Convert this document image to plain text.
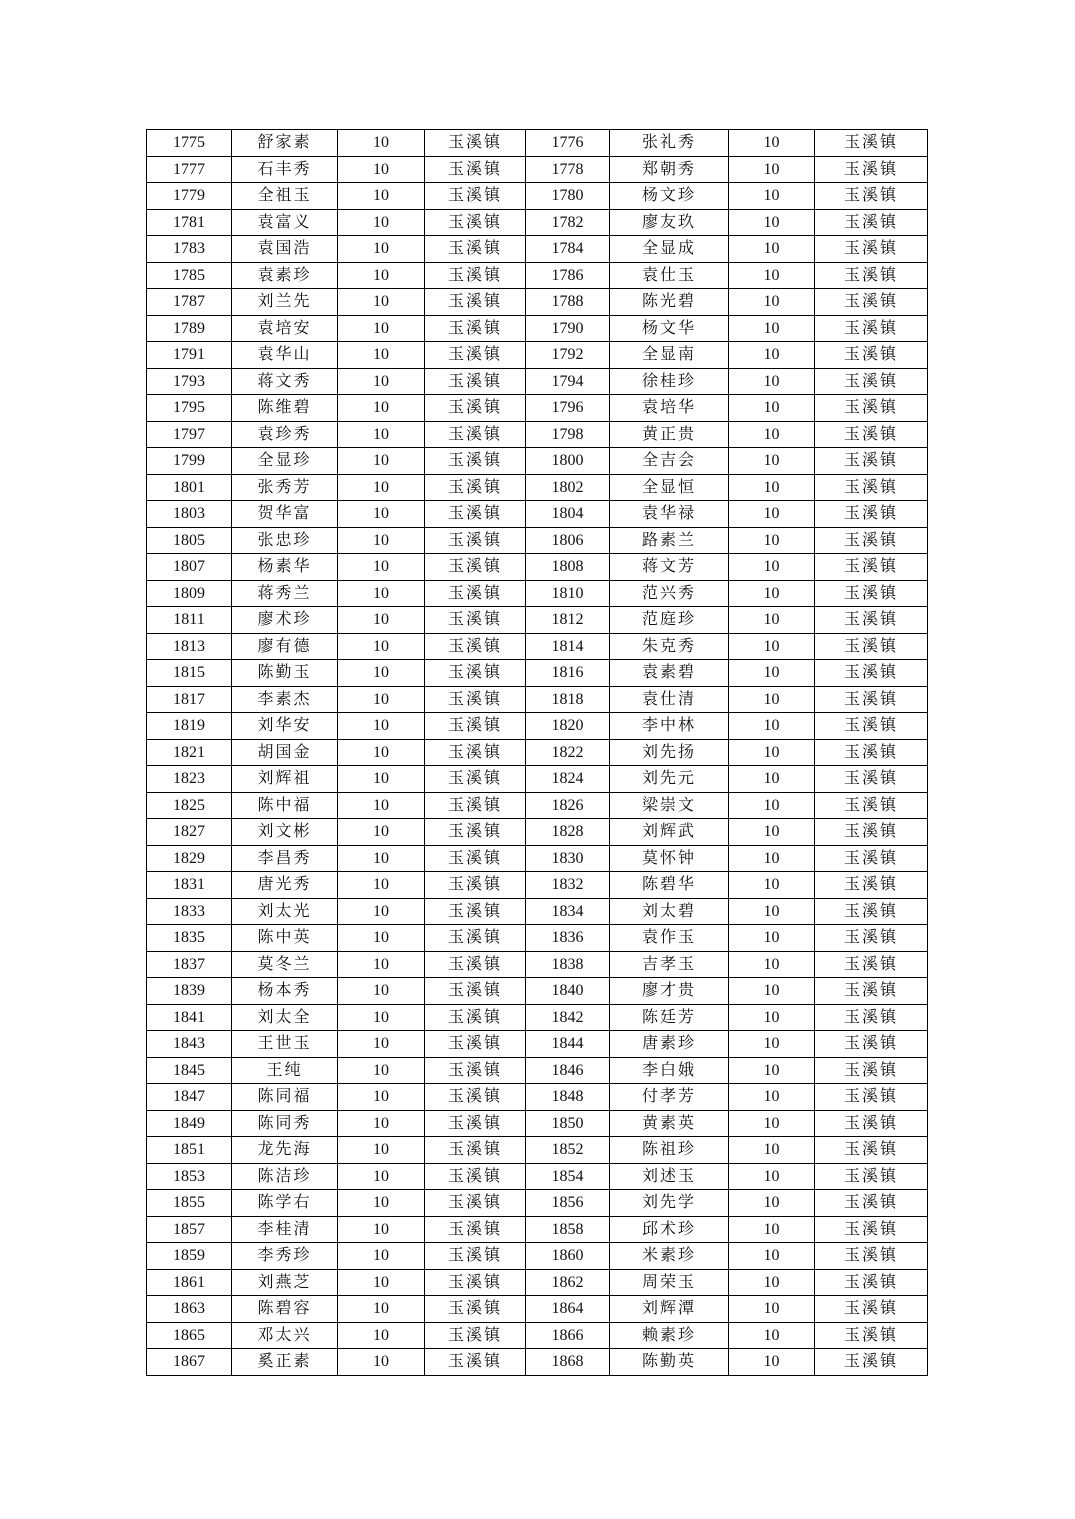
1775	舒家素	10	玉溪镇	1776	张礼秀	10	玉溪镇
1777	石丰秀	10	玉溪镇	1778	郑朝秀	10	玉溪镇
1779	全祖玉	10	玉溪镇	1780	杨文珍	10	玉溪镇
1781	袁富义	10	玉溪镇	1782	廖友玖	10	玉溪镇
1783	袁国浩	10	玉溪镇	1784	全显成	10	玉溪镇
1785	袁素珍	10	玉溪镇	1786	袁仕玉	10	玉溪镇
1787	刘兰先	10	玉溪镇	1788	陈光碧	10	玉溪镇
1789	袁培安	10	玉溪镇	1790	杨文华	10	玉溪镇
1791	袁华山	10	玉溪镇	1792	全显南	10	玉溪镇
1793	蒋文秀	10	玉溪镇	1794	徐桂珍	10	玉溪镇
1795	陈维碧	10	玉溪镇	1796	袁培华	10	玉溪镇
1797	袁珍秀	10	玉溪镇	1798	黄正贵	10	玉溪镇
1799	全显珍	10	玉溪镇	1800	全吉会	10	玉溪镇
1801	张秀芳	10	玉溪镇	1802	全显恒	10	玉溪镇
1803	贺华富	10	玉溪镇	1804	袁华禄	10	玉溪镇
1805	张忠珍	10	玉溪镇	1806	路素兰	10	玉溪镇
1807	杨素华	10	玉溪镇	1808	蒋文芳	10	玉溪镇
1809	蒋秀兰	10	玉溪镇	1810	范兴秀	10	玉溪镇
1811	廖术珍	10	玉溪镇	1812	范庭珍	10	玉溪镇
1813	廖有德	10	玉溪镇	1814	朱克秀	10	玉溪镇
1815	陈勤玉	10	玉溪镇	1816	袁素碧	10	玉溪镇
1817	李素杰	10	玉溪镇	1818	袁仕清	10	玉溪镇
1819	刘华安	10	玉溪镇	1820	李中林	10	玉溪镇
1821	胡国金	10	玉溪镇	1822	刘先扬	10	玉溪镇
1823	刘辉祖	10	玉溪镇	1824	刘先元	10	玉溪镇
1825	陈中福	10	玉溪镇	1826	梁崇文	10	玉溪镇
1827	刘文彬	10	玉溪镇	1828	刘辉武	10	玉溪镇
1829	李昌秀	10	玉溪镇	1830	莫怀钟	10	玉溪镇
1831	唐光秀	10	玉溪镇	1832	陈碧华	10	玉溪镇
1833	刘太光	10	玉溪镇	1834	刘太碧	10	玉溪镇
1835	陈中英	10	玉溪镇	1836	袁作玉	10	玉溪镇
1837	莫冬兰	10	玉溪镇	1838	吉孝玉	10	玉溪镇
1839	杨本秀	10	玉溪镇	1840	廖才贵	10	玉溪镇
1841	刘太全	10	玉溪镇	1842	陈廷芳	10	玉溪镇
1843	王世玉	10	玉溪镇	1844	唐素珍	10	玉溪镇
1845	王纯	10	玉溪镇	1846	李白娥	10	玉溪镇
1847	陈同福	10	玉溪镇	1848	付孝芳	10	玉溪镇
1849	陈同秀	10	玉溪镇	1850	黄素英	10	玉溪镇
1851	龙先海	10	玉溪镇	1852	陈祖珍	10	玉溪镇
1853	陈洁珍	10	玉溪镇	1854	刘述玉	10	玉溪镇
1855	陈学右	10	玉溪镇	1856	刘先学	10	玉溪镇
1857	李桂清	10	玉溪镇	1858	邱术珍	10	玉溪镇
1859	李秀珍	10	玉溪镇	1860	米素珍	10	玉溪镇
1861	刘燕芝	10	玉溪镇	1862	周荣玉	10	玉溪镇
1863	陈碧容	10	玉溪镇	1864	刘辉潭	10	玉溪镇
1865	邓太兴	10	玉溪镇	1866	赖素珍	10	玉溪镇
1867	奚正素	10	玉溪镇	1868	陈勤英	10	玉溪镇
